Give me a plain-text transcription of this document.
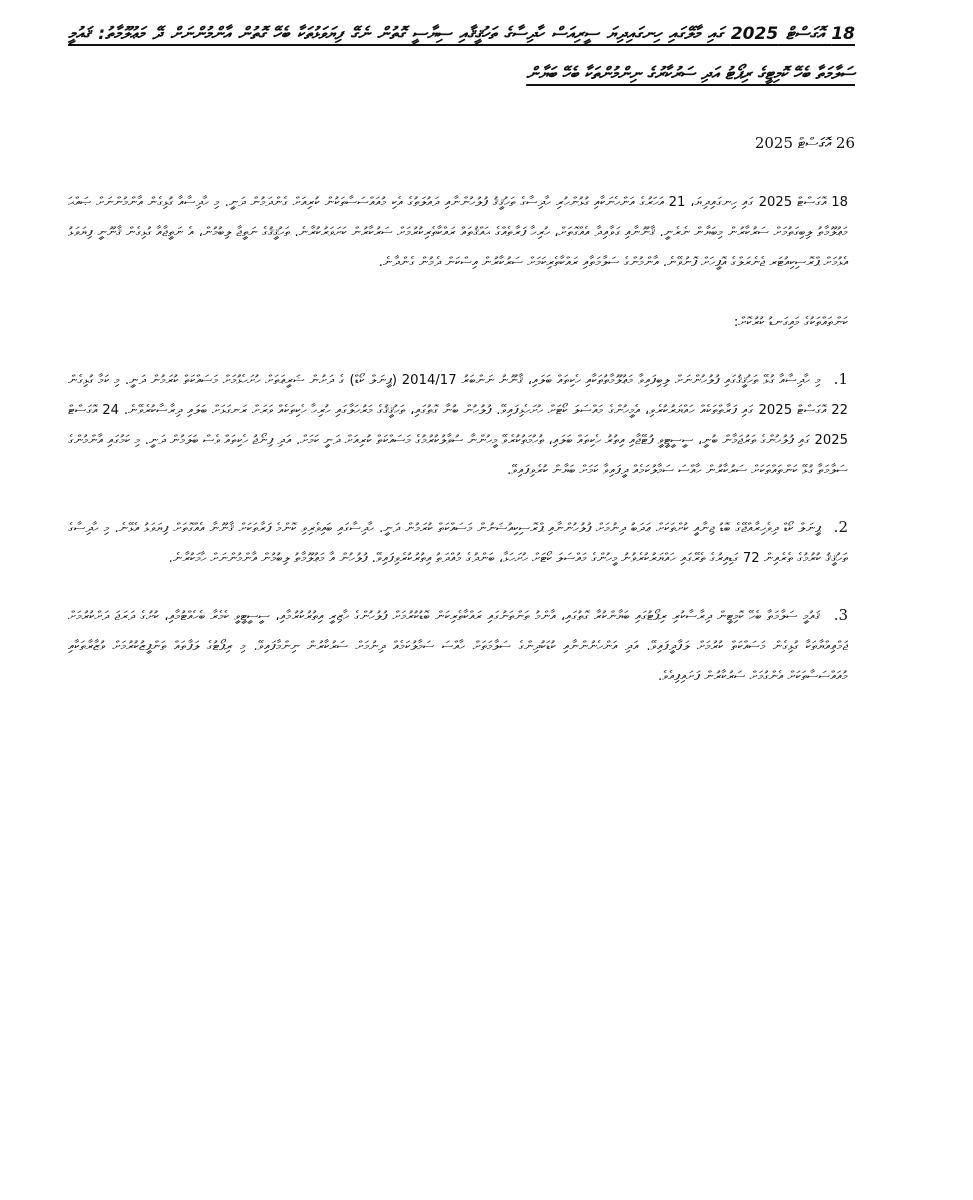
18 އޮގަސްޓް 2025 ގައި މާލޭގައި ހިނގައިދިޔަ ސީރިއަސް ހާދިސާގެ ތަހުޤީޤާއި ސިޔާސީ ގޮތުން ނެގޭ ފިޔަވަޅުތަކާ ބެހޭ ގޮތުން އާންމުންނަށް ދޭ މަޢުލޫމާތު: ޤައުމީ ސަލާމަތާ ބެހޭ ކޮމިޓީގެ ރިޕޯޓު އަދި ސަރުކާރުގެ ނިންމުންތަކާ ބެހޭ ބަޔާން

26 އޮގަސްޓް 2025

18 އޮގަސްޓް 2025 ގައި ހިނގައިދިޔަ، 21 އަހަރުގެ އަންހެނަކާއި ގުޅުންހުރި ހާދިސާގެ ތަހުޤީޤު ފުލުހުންނާއި ދައުލަތުގެ އެކި މުއައްސަސާތަކުން ކުރިއަށް ގެންދަމުން ދަނީ. މި ހާދިސާއާ ގުޅިގެން އާންމުންނަށް ޞައްޙަ މަޢުލޫމާތު ލިބިގަތުމަށް ސަރުކާރުން މިބަޔާން ނެރެނީ. ޤާނޫނާއި ގަވާއިދާ އެއްގޮތަށް، ހުރިހާ ފަރާތެއްގެ ޙައްޤުތައް ރައްކާތެރިކުރުމަށް ސަރުކާރުން ކަށަވަރުކުރާނެ. ތަހުޤީޤުގެ ނަތީޖާ ލިބުމުން، އެ ނަތީޖާއާ ގުޅިގެން ޤާނޫނީ ފިޔަވަޅު އެޅުމަށް ޕްރޮސިކިއުޓަރ ޖެނެރަލްގެ އޮފީހަށް ފޮނުވޭނެ. އާންމުންގެ ސަލާމަތާއި ރައްކާތެރިކަމަށް ސަރުކާރުން އިސްކަން ދެމުން ގެންދާނެ.

ކަންތައްތަކުގެ މައިގަނޑު ކުރުކޮށް:

1. މި ހާދިސާއާ ގުޅޭ ތަހުޤީޤުގައި ފުލުހުންނަށް ލިބިފައިވާ މަޢުލޫމާތުތަކާއި ހެކިތައް ބަލައި، ޤާނޫނު ނަންބަރު 2014/17 (ޕީނަލް ކޯޑް) ގެ ދަށުން ޝަރީޢަތަށް ހުށަހެޅުމަށް މަސައްކަތް ކުރަމުން ދަނީ. މި ކަމާ ގުޅިގެން 22 އޮގަސްޓް 2025 ގައި ފަރާތްތަކެއް ހައްޔަރުކުރެވި، އެމީހުންގެ މައްސަލަ ކޯޓަށް ހުށަހެޅިފައިވޭ. ފުލުހުން ބުނާ ގޮތުގައި، ތަހުޤީޤުގެ މަރުހަލާގައި ހުރިހާ ހެކިތަކެއް ވަރަށް ރަނގަޅަށް ބަލައި ދިރާސާކުރެވޭނެ. 24 އޮގަސްޓް 2025 ގައި ފުލުހުންގެ ތަރުޖަމާން ބުނީ، ސީސީޓީވީ ފުޓޭޖާއި އިތުރު ހެކިތައް ބަލައި، ތުހުމަތުކުރެވޭ މީހުންނާ ސުވާލުކުރުމުގެ މަސައްކަތް ކުރިއަށް ދަނީ ކަމަށް. އަދި ފިނޯޖު ހެކިތައް ވެސް ބަލަމުން ދަނީ. މި ކަމުގައި އާންމުންގެ ސަލާމަތާ ގުޅޭ ކަންތައްތަކަށް ސަރުކާރުން ހާއްސަ ސަމާލުކަމެއް ދީފައިވާ ކަމަށް ބަޔާން ކުރެވިފައިވޭ.
2. ޕީނަލް ކޯޑް ދިވެހިރާއްޖޭގެ ބޮޑު ޖިނާއީ ކުށްތަކަށް ޢަދަބު ދިނުމަށް ފުލުހުންނާއި ޕްރޮސިކިއުޝަނުން މަސައްކަތް ކުރަމުން ދަނީ. ހާދިސާގައި ބައިވެރިވި ކޮންމެ ފަރާތަކަށް ޤާނޫނާ އެއްގޮތަށް ފިޔަވަޅު އެޅޭނެ. މި ހާދިސާގެ ތަހުޤީޤު ކުރުމުގެ ތެރެއިން 72 ގަޑިއިރުގެ ތެރޭގައި ހައްޔަރުކުރެވުނު މީހުންގެ މައްސަލަ ކޯޓަށް ހުށަހަޅާ، ބަންދުގެ މުއްދަތު އިތުރުކުރެވިފައިވޭ. ފުލުހުން އާ މަޢުލޫމާތު ލިބުމުން އާންމުންނަށް ހާމަކުރާނެ.
3. ޤައުމީ ސަލާމަތާ ބެހޭ ކޮމިޓީން ދިރާސާކުރި ރިޕޯޓުގައި ބަޔާންކުރާ ގޮތުގައި، އާންމު ތަންތަނުގައި ރައްކާތެރިކަން ބޮޑުކުރުމަށް ފުލުހުންގެ ހާޒިރީ އިތުރުކުރުމާއި، ސީސީޓީވީ ކެމެރާ ބެހެއްޓުމާއި، ކުށުގެ ދަރަޖަ ދަށްކުރުމަށް ޖަމްޢިއްޔާތަކާ ގުޅިގެން މަސައްކަތް ކުރުމަށް ލަފާދީފައިވޭ. އަދި އަންހެނުންނާއި ކުޑަކުދިންގެ ސަލާމަތަށް ހާއްސަ ސަމާލުކަމެއް ދިނުމަށް ސަރުކާރުން ނިންމާފައިވޭ. މި ރިޕޯޓުގެ ލަފާތައް ތަންފީޒުކުރުމަށް ވުޒާރާތަކާއި މުއައްސަސާތަކަށް އެންގުމަށް ސަރުކާރުން ފަށައިފިއެވެ.
